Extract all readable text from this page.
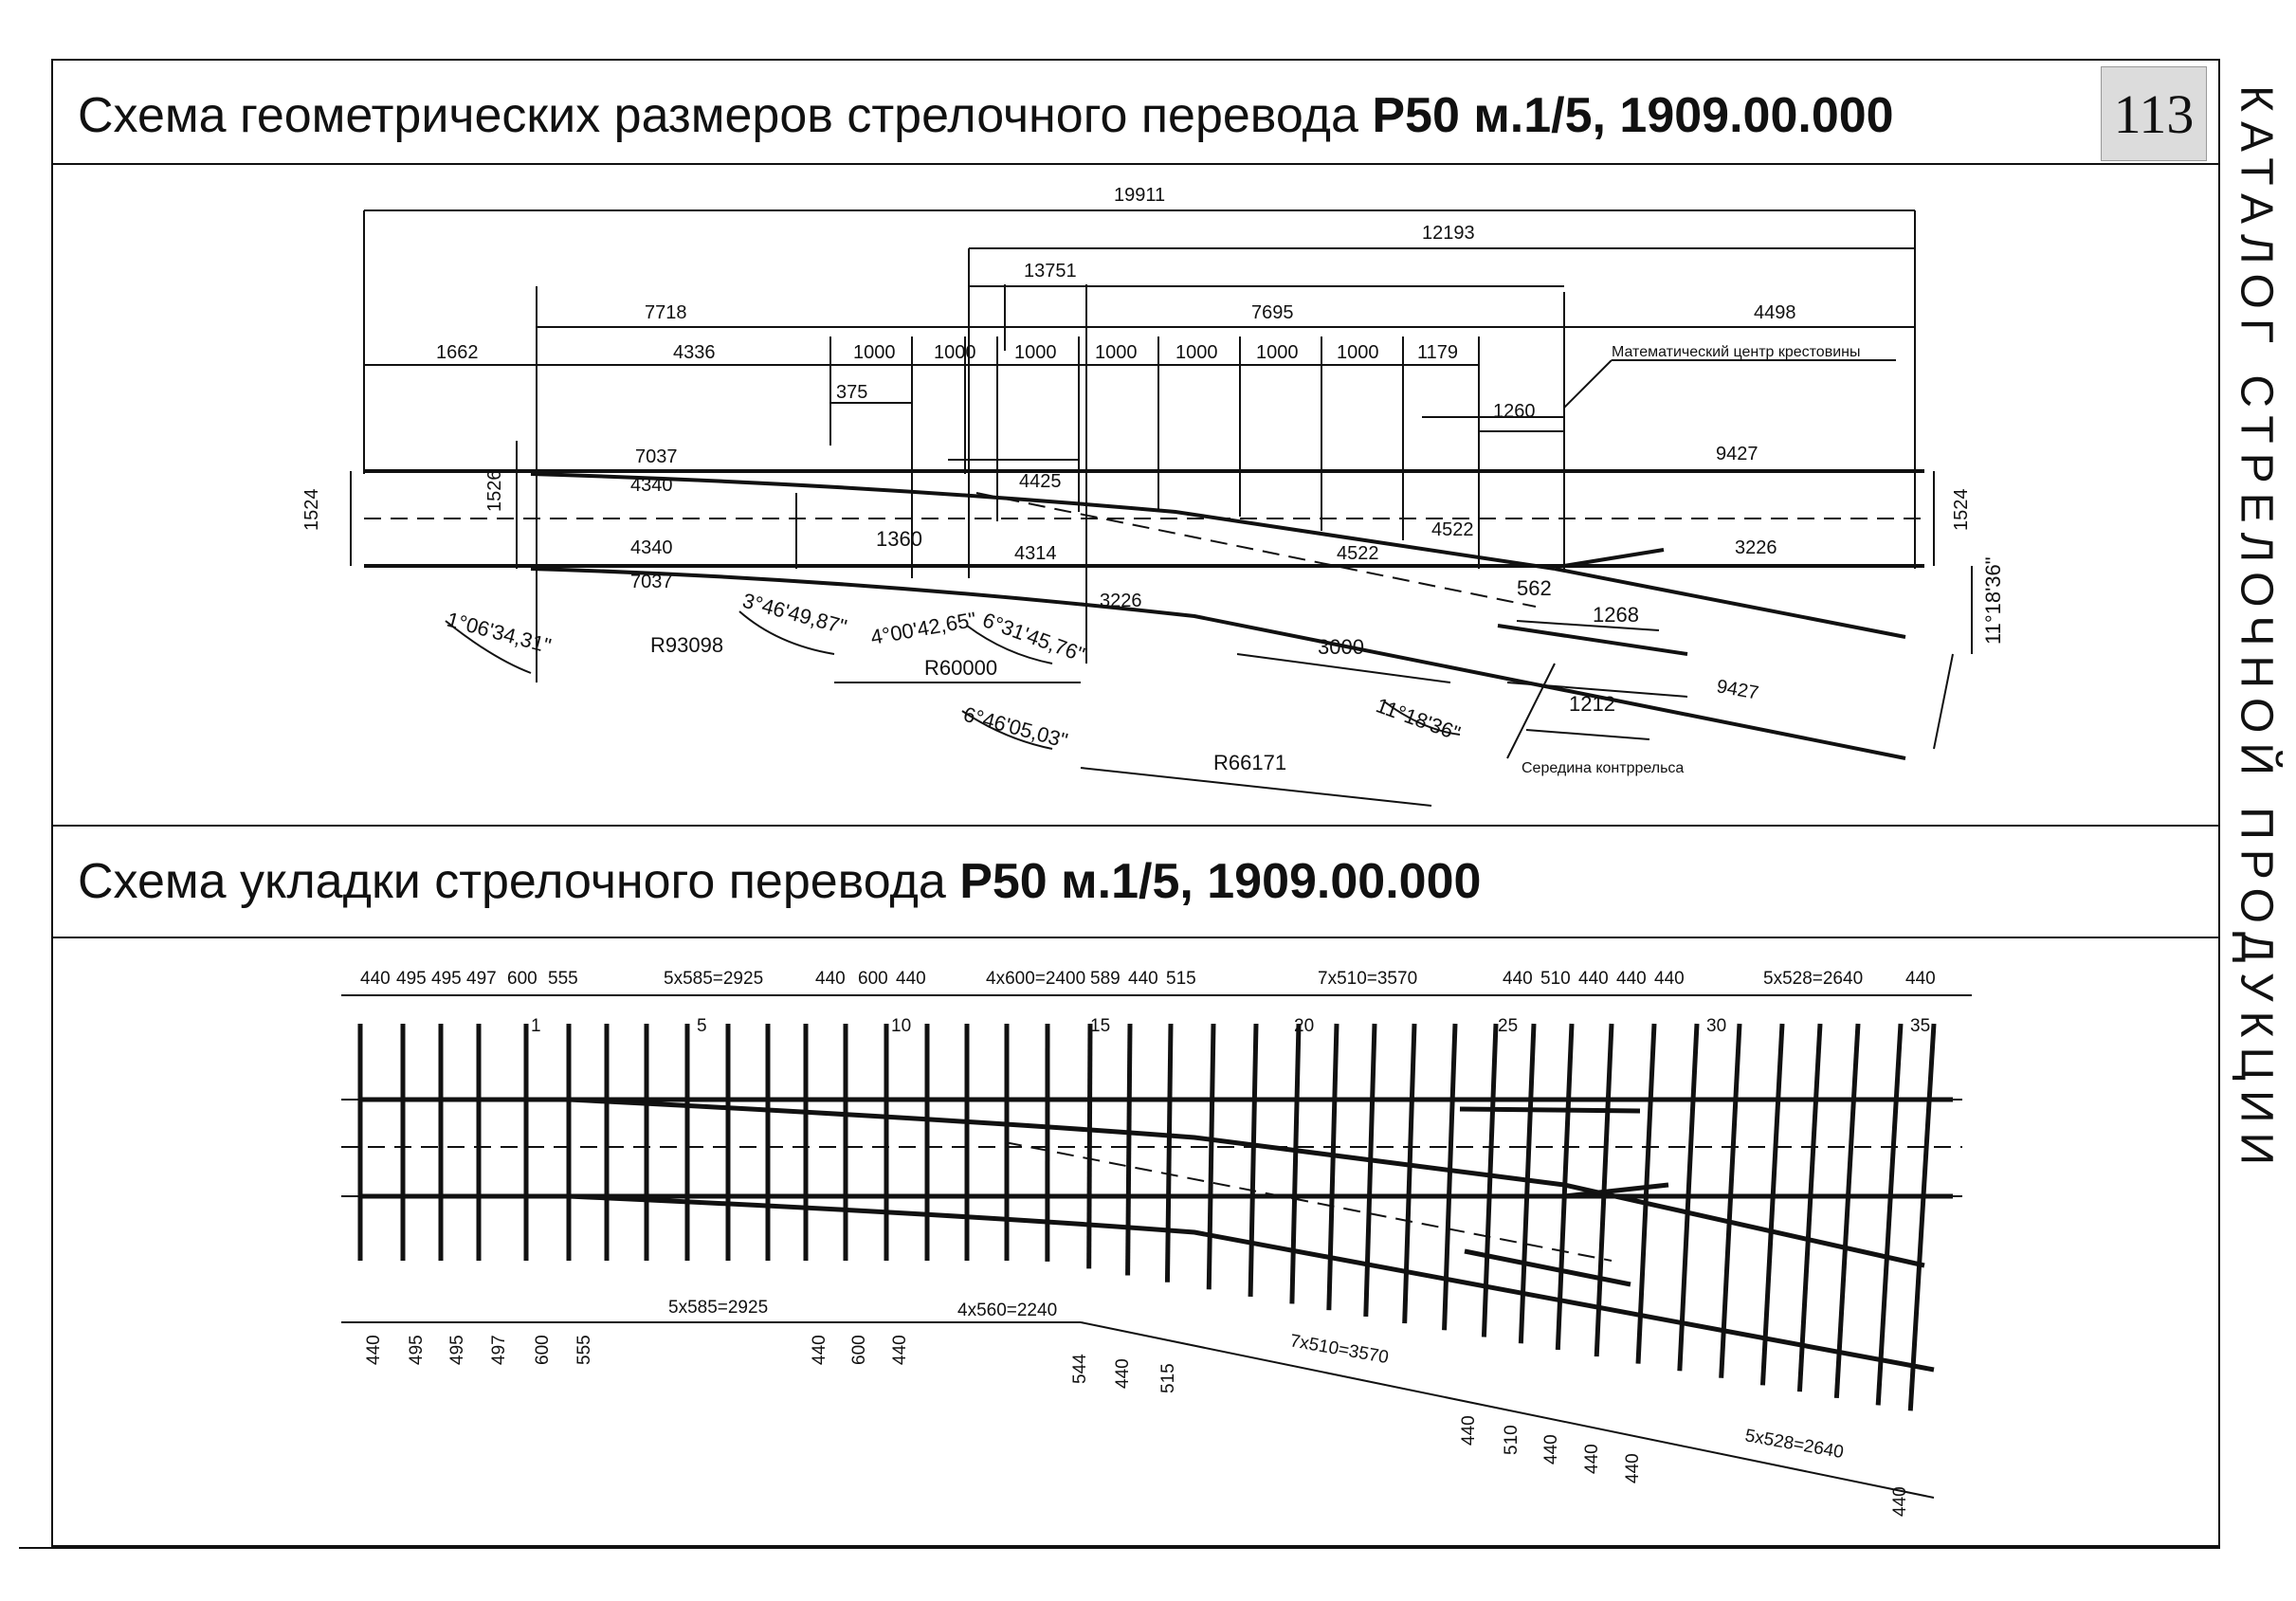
Схема геометрических размеров стрелочного перевода P50 м.1/5, 1909.00.000
Схема укладки стрелочного перевода P50 м.1/5, 1909.00.000
113 КАТАЛОГ СТРЕЛОЧНОЙ ПРОДУКЦИИ
19911
12193
13751
7718	7695	4498
1662	4336	1000 1000 1000 1000 1000 1000 1000 1179
375
1260
Математический центр крестовины
7037
4340
4340
7037
4425
9427
4314	4522
4522
3226
3226
1360
3000
562
1268
1212	9427
1524	1524
1526
R93098
R60000
R66171
1°06'34,31"	3°46'49,87" 4°00'42,65" 6°31'45,76"
6°46'05,03"	11°18'36"
11°18'36"
Середина контррельса
440 495 495 497 600 555	5x585=2925	440 600 440	4x600=2400 589 440 515	7x510=3570	440 510 440 440 440	5x528=2640 440
1	5	10	15	20	25	30	35
440 495 495 497 600 555	440 600 440
544 440 515
440 510 440 440 440
440
5x585=2925	4x560=2240
7x510=3570
5x528=2640
